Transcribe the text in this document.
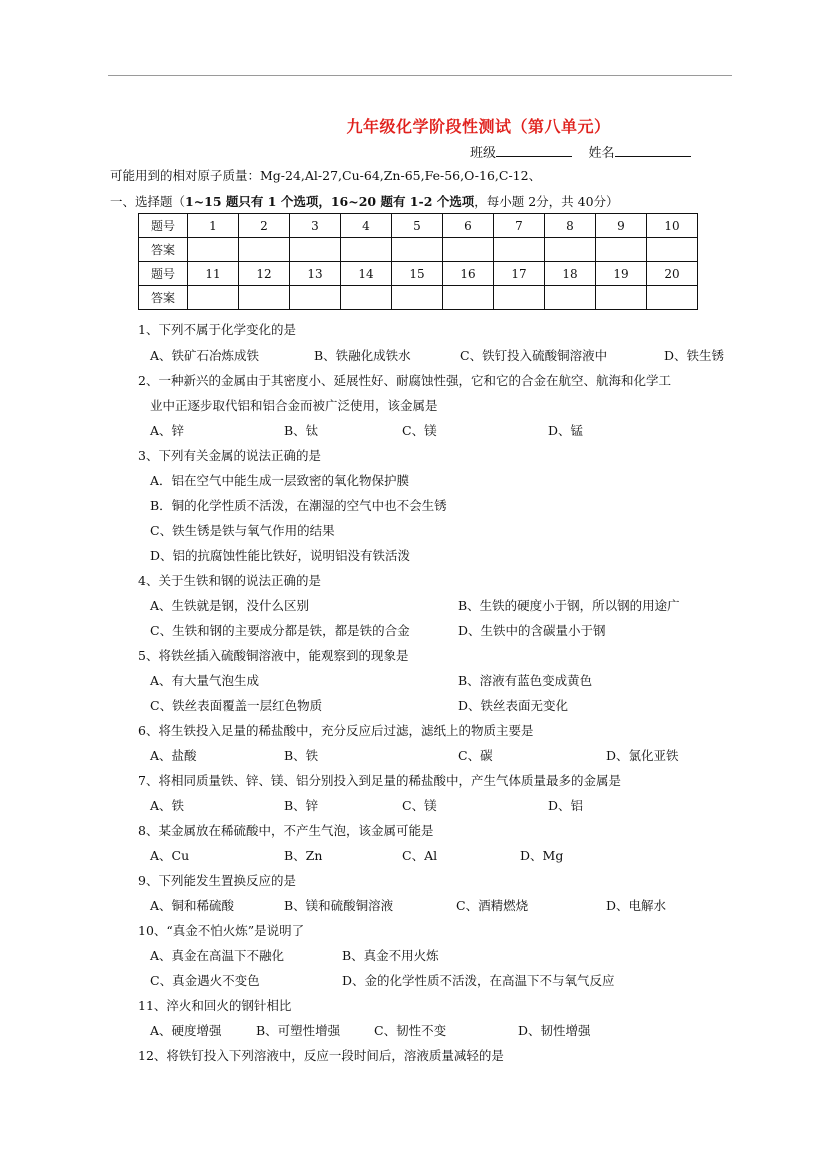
九年级化学阶段性测试（第八单元）
班级	姓名
可能用到的相对原子质量：Mg-24,Al-27,Cu-64,Zn-65,Fe-56,O-16,C-12、
一、选择题（1~15 题只有 1 个选项，16~20 题有 1-2 个选项，每小题 2分，共 40分）
题号	1	2	3	4	5	6	7	8	9	10
答案										
题号	11	12	13	14	15	16	17	18	19	20
答案										
1、下列不属于化学变化的是
A、铁矿石冶炼成铁	B、铁融化成铁水	C、铁钉投入硫酸铜溶液中	D、铁生锈
2、一种新兴的金属由于其密度小、延展性好、耐腐蚀性强，它和它的合金在航空、航海和化学工
业中正逐步取代铝和铝合金而被广泛使用，该金属是
A、锌	B、钛	C、镁	D、锰
3、下列有关金属的说法正确的是
A．铝在空气中能生成一层致密的氧化物保护膜
B．铜的化学性质不活泼，在潮湿的空气中也不会生锈
C、铁生锈是铁与氧气作用的结果
D、铝的抗腐蚀性能比铁好，说明铝没有铁活泼
4、关于生铁和钢的说法正确的是
A、生铁就是钢，没什么区别	B、生铁的硬度小于钢，所以钢的用途广
C、生铁和钢的主要成分都是铁，都是铁的合金	D、生铁中的含碳量小于钢
5、将铁丝插入硫酸铜溶液中，能观察到的现象是
A、有大量气泡生成	B、溶液有蓝色变成黄色
C、铁丝表面覆盖一层红色物质	D、铁丝表面无变化
6、将生铁投入足量的稀盐酸中，充分反应后过滤，滤纸上的物质主要是
A、盐酸	B、铁	C、碳	D、氯化亚铁
7、将相同质量铁、锌、镁、铝分别投入到足量的稀盐酸中，产生气体质量最多的金属是
A、铁	B、锌	C、镁	D、铝
8、某金属放在稀硫酸中，不产生气泡，该金属可能是
A、Cu	B、Zn	C、Al	D、Mg
9、下列能发生置换反应的是
A、铜和稀硫酸	B、镁和硫酸铜溶液	C、酒精燃烧	D、电解水
10、“真金不怕火炼”是说明了
A、真金在高温下不融化	B、真金不用火炼
C、真金遇火不变色	D、金的化学性质不活泼，在高温下不与氧气反应
11、淬火和回火的钢针相比
A、硬度增强	B、可塑性增强	C、韧性不变	D、韧性增强
12、将铁钉投入下列溶液中，反应一段时间后，溶液质量减轻的是
